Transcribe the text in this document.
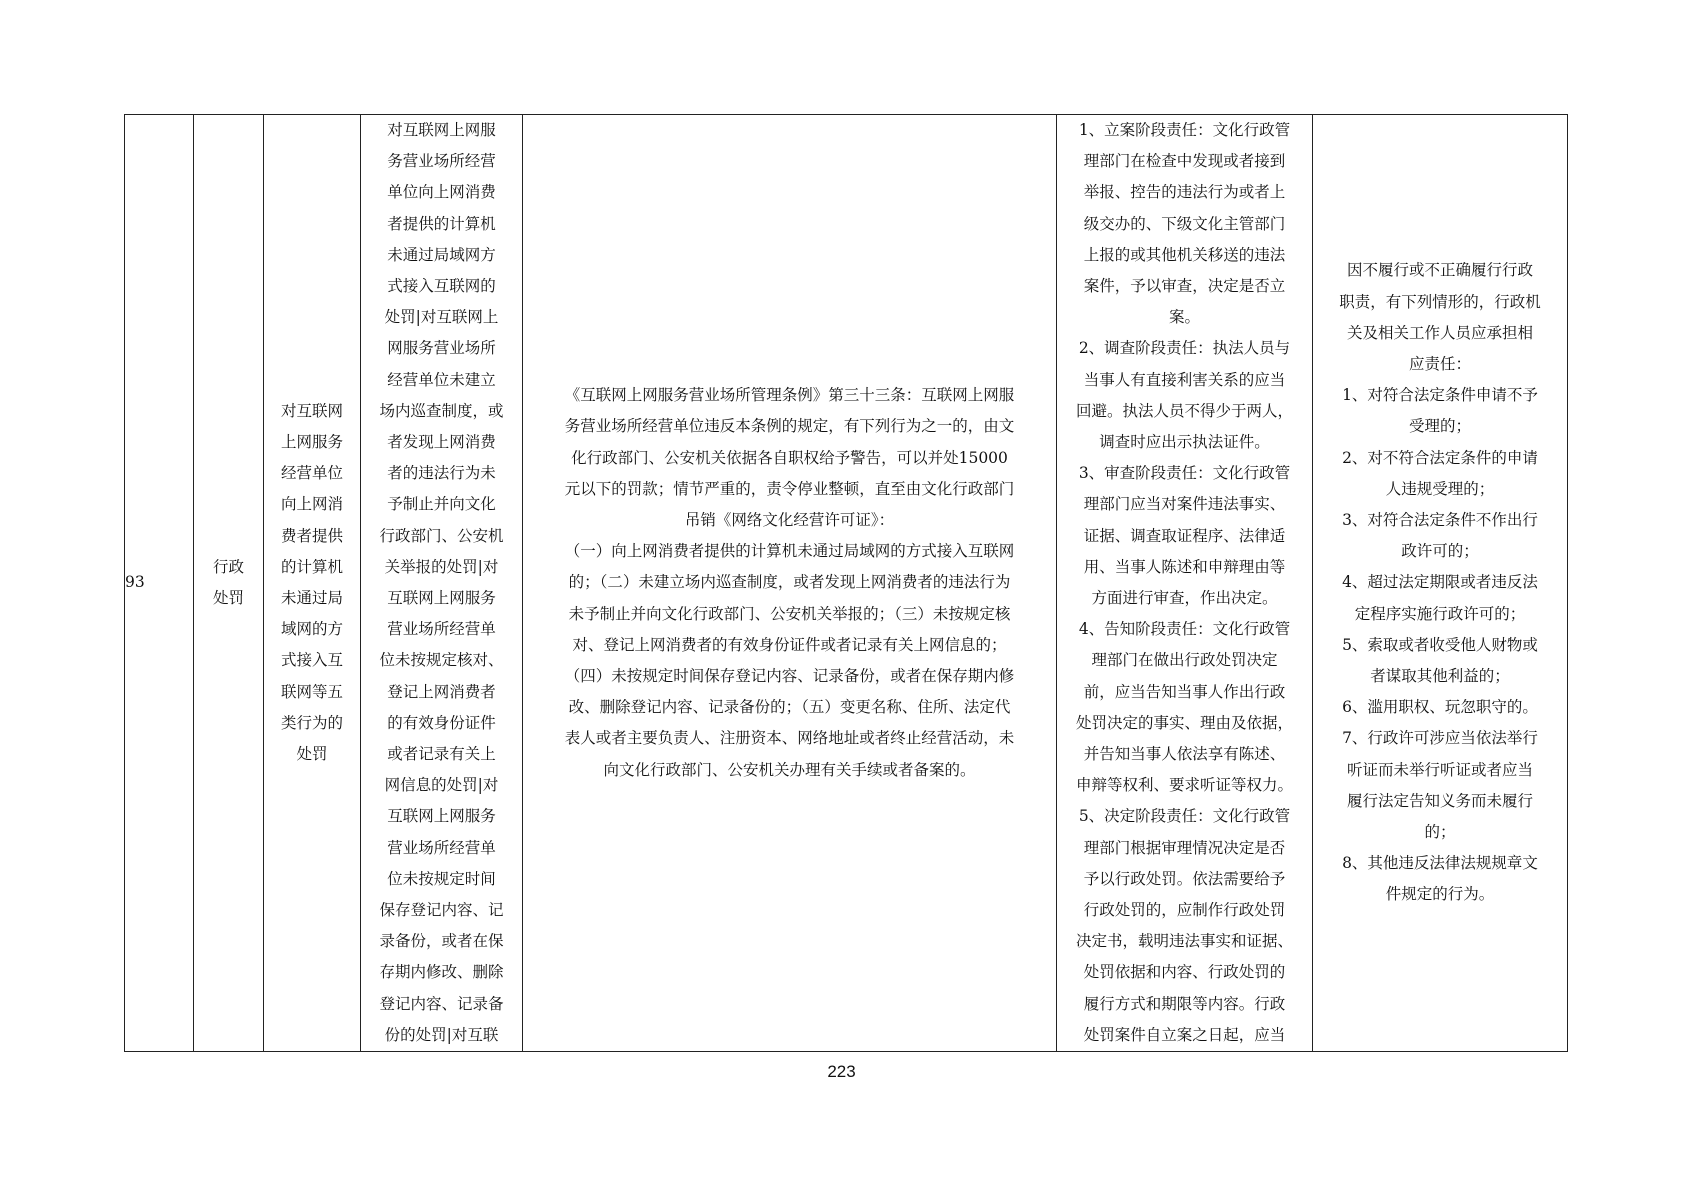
93

行政
处罚

对互联网
上网服务
经营单位
向上网消
费者提供
的计算机
未通过局
域网的方
式接入互
联网等五
类行为的
处罚

对互联网上网服
务营业场所经营
单位向上网消费
者提供的计算机
未通过局域网方
式接入互联网的
处罚|对互联网上
网服务营业场所
经营单位未建立
场内巡查制度，或
者发现上网消费
者的违法行为未
予制止并向文化
行政部门、公安机
关举报的处罚|对
互联网上网服务
营业场所经营单
位未按规定核对、
登记上网消费者
的有效身份证件
或者记录有关上
网信息的处罚|对
互联网上网服务
营业场所经营单
位未按规定时间
保存登记内容、记
录备份，或者在保
存期内修改、删除
登记内容、记录备
份的处罚|对互联

《互联网上网服务营业场所管理条例》第三十三条：互联网上网服
务营业场所经营单位违反本条例的规定，有下列行为之一的，由文
化行政部门、公安机关依据各自职权给予警告，可以并处15000
元以下的罚款；情节严重的，责令停业整顿，直至由文化行政部门
吊销《网络文化经营许可证》：
（一）向上网消费者提供的计算机未通过局域网的方式接入互联网
的；（二）未建立场内巡查制度，或者发现上网消费者的违法行为
未予制止并向文化行政部门、公安机关举报的；（三）未按规定核
对、登记上网消费者的有效身份证件或者记录有关上网信息的；
（四）未按规定时间保存登记内容、记录备份，或者在保存期内修
改、删除登记内容、记录备份的；（五）变更名称、住所、法定代
表人或者主要负责人、注册资本、网络地址或者终止经营活动，未
向文化行政部门、公安机关办理有关手续或者备案的。

1、立案阶段责任：文化行政管
理部门在检查中发现或者接到
举报、控告的违法行为或者上
级交办的、下级文化主管部门
上报的或其他机关移送的违法
案件，予以审查，决定是否立
案。
2、调查阶段责任：执法人员与
当事人有直接利害关系的应当
回避。执法人员不得少于两人，
调查时应出示执法证件。
3、审查阶段责任：文化行政管
理部门应当对案件违法事实、
证据、调查取证程序、法律适
用、当事人陈述和申辩理由等
方面进行审查，作出决定。
4、告知阶段责任：文化行政管
理部门在做出行政处罚决定
前，应当告知当事人作出行政
处罚决定的事实、理由及依据，
并告知当事人依法享有陈述、
申辩等权利、要求听证等权力。
5、决定阶段责任：文化行政管
理部门根据审理情况决定是否
予以行政处罚。依法需要给予
行政处罚的，应制作行政处罚
决定书，载明违法事实和证据、
处罚依据和内容、行政处罚的
履行方式和期限等内容。行政
处罚案件自立案之日起，应当

因不履行或不正确履行行政
职责，有下列情形的，行政机
关及相关工作人员应承担相
应责任：
1、对符合法定条件申请不予
受理的；
2、对不符合法定条件的申请
人违规受理的；
3、对符合法定条件不作出行
政许可的；
4、超过法定期限或者违反法
定程序实施行政许可的；
5、索取或者收受他人财物或
者谋取其他利益的；
6、滥用职权、玩忽职守的。
7、行政许可涉应当依法举行
听证而未举行听证或者应当
履行法定告知义务而未履行
的；
8、其他违反法律法规规章文
件规定的行为。
223
